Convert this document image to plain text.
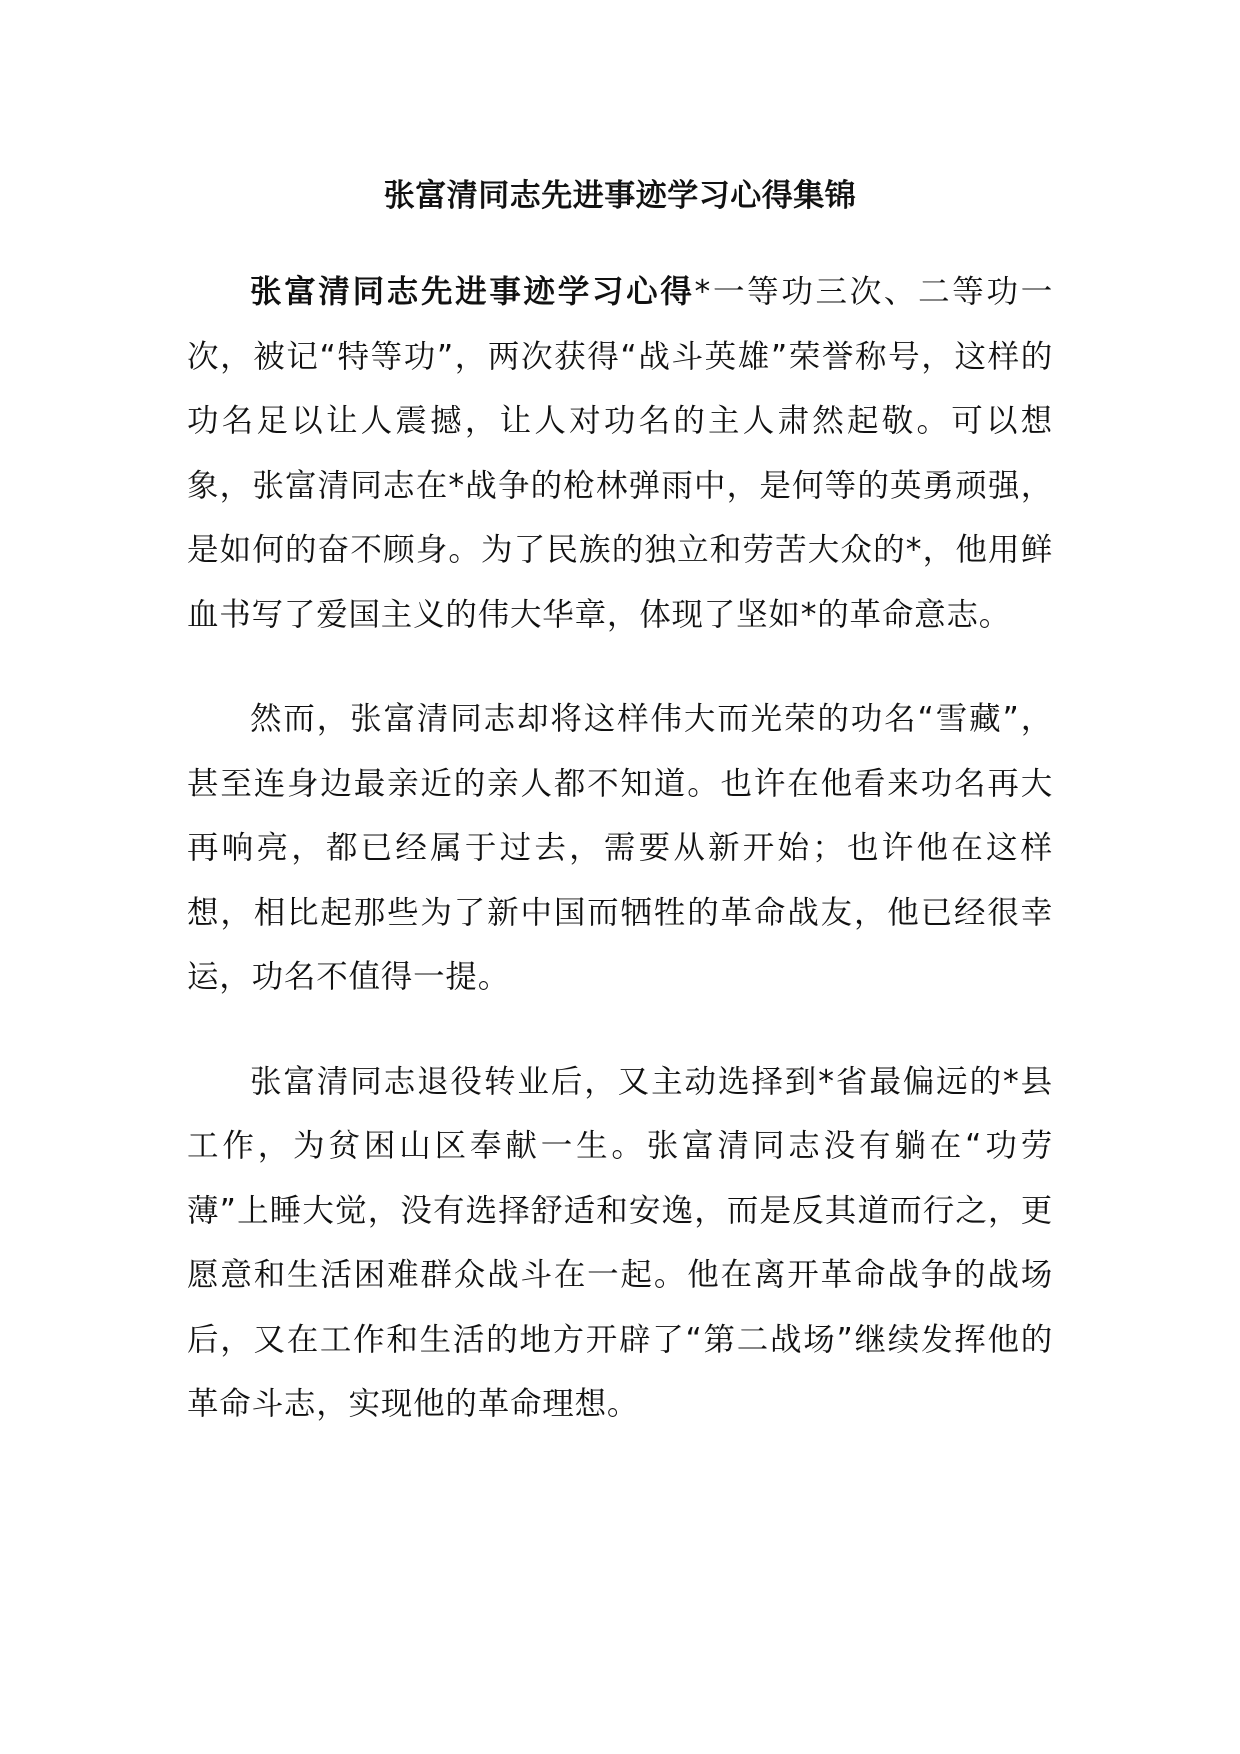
张富清同志先进事迹学习心得集锦

张富清同志先进事迹学习心得*一等功三次、二等功一次，被记“特等功”，两次获得“战斗英雄”荣誉称号，这样的功名足以让人震撼，让人对功名的主人肃然起敬。可以想象，张富清同志在*战争的枪林弹雨中，是何等的英勇顽强，是如何的奋不顾身。为了民族的独立和劳苦大众的*，他用鲜血书写了爱国主义的伟大华章，体现了坚如*的革命意志。

然而，张富清同志却将这样伟大而光荣的功名“雪藏”，甚至连身边最亲近的亲人都不知道。也许在他看来功名再大再响亮，都已经属于过去，需要从新开始；也许他在这样想，相比起那些为了新中国而牺牲的革命战友，他已经很幸运，功名不值得一提。

张富清同志退役转业后，又主动选择到*省最偏远的*县工作，为贫困山区奉献一生。张富清同志没有躺在“功劳薄”上睡大觉，没有选择舒适和安逸，而是反其道而行之，更愿意和生活困难群众战斗在一起。他在离开革命战争的战场后，又在工作和生活的地方开辟了“第二战场”继续发挥他的革命斗志，实现他的革命理想。
